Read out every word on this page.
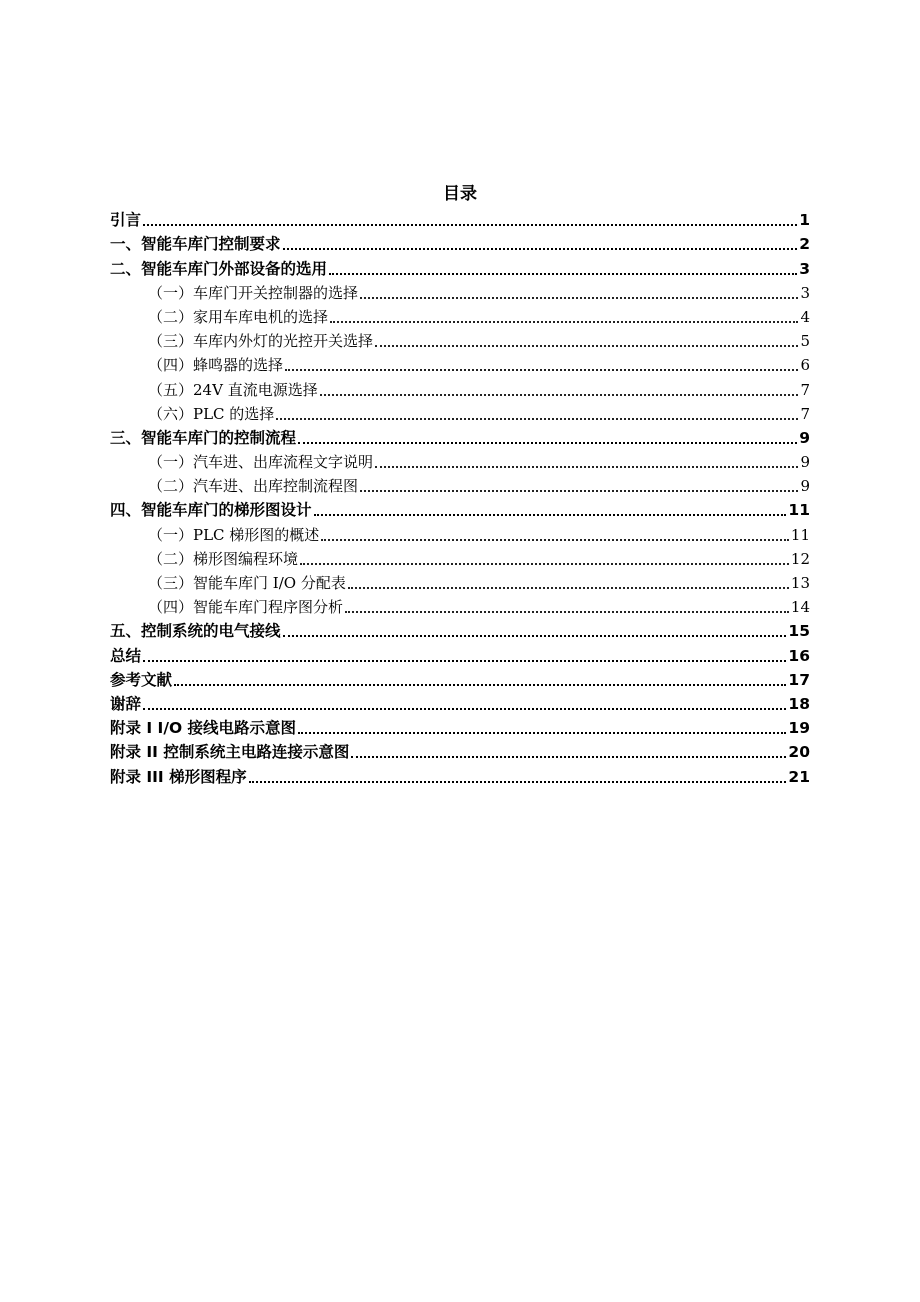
目录
引言	1
一、智能车库门控制要求	2
二、智能车库门外部设备的选用	3
（一）车库门开关控制器的选择	3
（二）家用车库电机的选择	4
（三）车库内外灯的光控开关选择	5
（四）蜂鸣器的选择	6
（五）24V 直流电源选择	7
（六）PLC 的选择	7
三、智能车库门的控制流程	9
（一）汽车进、出库流程文字说明	9
（二）汽车进、出库控制流程图	9
四、智能车库门的梯形图设计	11
（一）PLC 梯形图的概述	11
（二）梯形图编程环境	12
（三）智能车库门 I/O 分配表	13
（四）智能车库门程序图分析	14
五、控制系统的电气接线	15
总结	16
参考文献	17
谢辞	18
附录 I I/O 接线电路示意图	19
附录 II 控制系统主电路连接示意图	20
附录 III 梯形图程序	21
